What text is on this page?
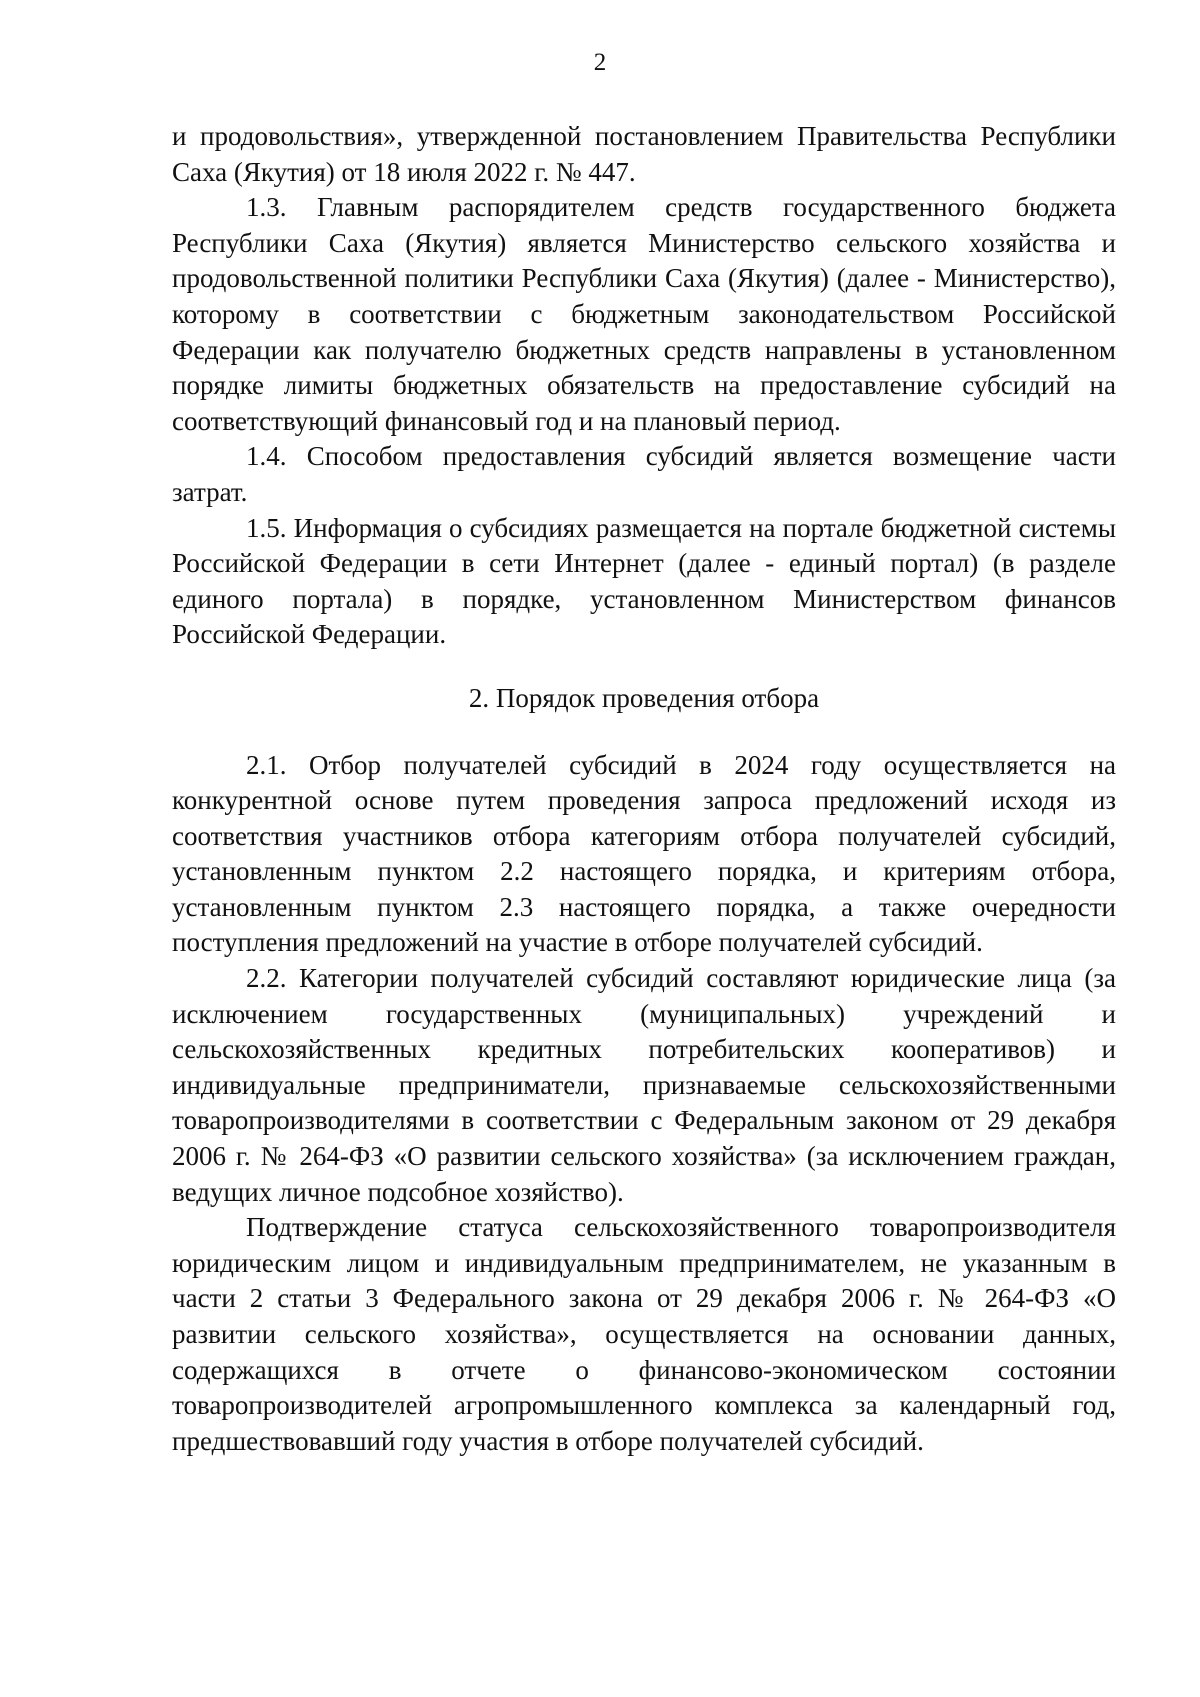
2

и продовольствия», утвержденной постановлением Правительства Республики Саха (Якутия) от 18 июля 2022 г. № 447.

1.3. Главным распорядителем средств государственного бюджета Республики Саха (Якутия) является Министерство сельского хозяйства и продовольственной политики Республики Саха (Якутия) (далее - Министерство), которому в соответствии с бюджетным законодательством Российской Федерации как получателю бюджетных средств направлены в установленном порядке лимиты бюджетных обязательств на предоставление субсидий на соответствующий финансовый год и на плановый период.

1.4. Способом предоставления субсидий является возмещение части затрат.

1.5. Информация о субсидиях размещается на портале бюджетной системы Российской Федерации в сети Интернет (далее - единый портал) (в разделе единого портала) в порядке, установленном Министерством финансов Российской Федерации.

2. Порядок проведения отбора

2.1. Отбор получателей субсидий в 2024 году осуществляется на конкурентной основе путем проведения запроса предложений исходя из соответствия участников отбора категориям отбора получателей субсидий, установленным пунктом 2.2 настоящего порядка, и критериям отбора, установленным пунктом 2.3 настоящего порядка, а также очередности поступления предложений на участие в отборе получателей субсидий.

2.2. Категории получателей субсидий составляют юридические лица (за исключением государственных (муниципальных) учреждений и сельскохозяйственных кредитных потребительских кооперативов) и индивидуальные предприниматели, признаваемые сельскохозяйственными товаропроизводителями в соответствии с Федеральным законом от 29 декабря 2006 г. № 264-ФЗ «О развитии сельского хозяйства» (за исключением граждан, ведущих личное подсобное хозяйство).

Подтверждение статуса сельскохозяйственного товаропроизводителя юридическим лицом и индивидуальным предпринимателем, не указанным в части 2 статьи 3 Федерального закона от 29 декабря 2006 г. № 264-ФЗ «О развитии сельского хозяйства», осуществляется на основании данных, содержащихся в отчете о финансово-экономическом состоянии товаропроизводителей агропромышленного комплекса за календарный год, предшествовавший году участия в отборе получателей субсидий.
